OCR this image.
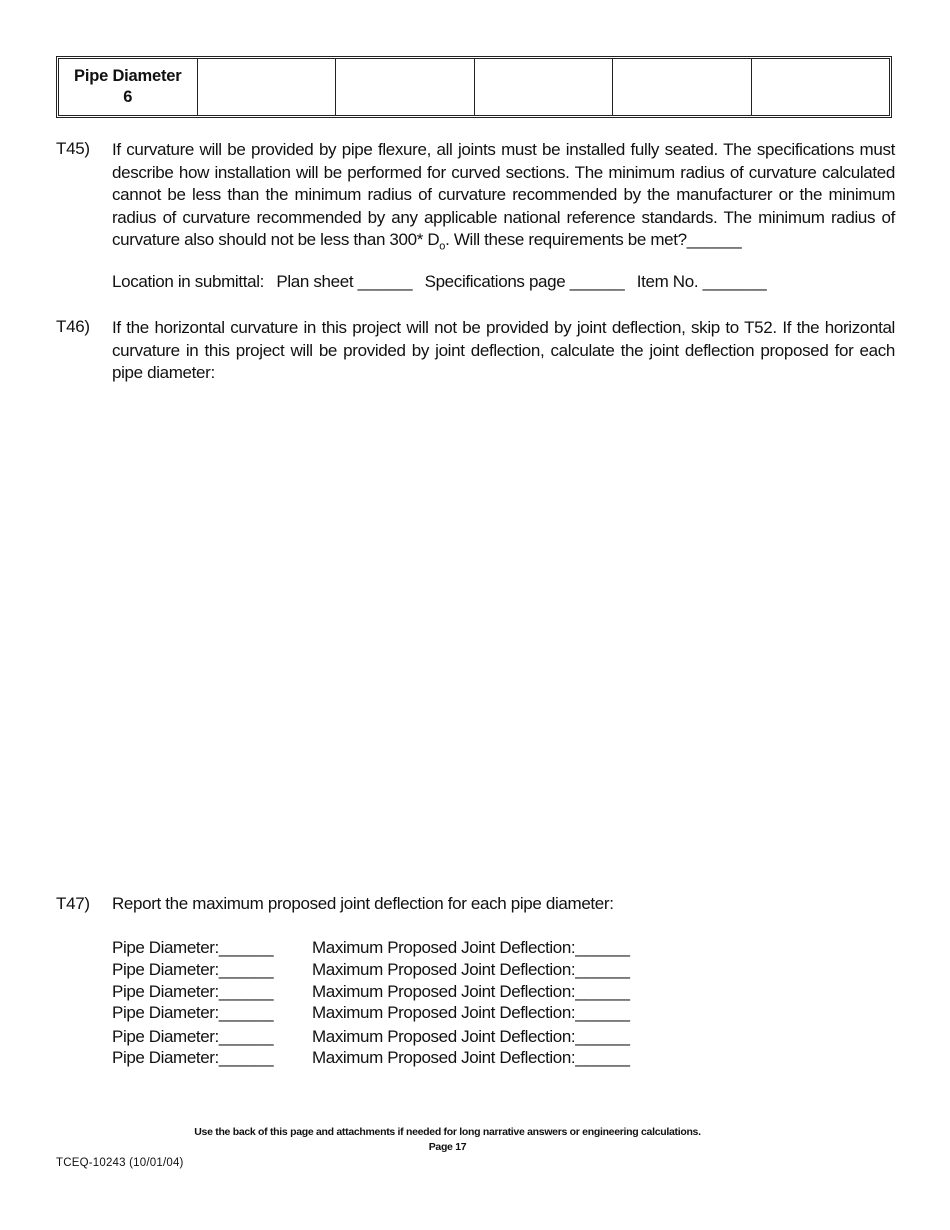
Pipe Diameter
6
T45) If curvature will be provided by pipe flexure, all joints must be installed fully seated. The specifications must describe how installation will be performed for curved sections. The minimum radius of curvature calculated cannot be less than the minimum radius of curvature recommended by the manufacturer or the minimum radius of curvature recommended by any applicable national reference standards. The minimum radius of curvature also should not be less than 300* $D_o$. Will these requirements be met?______
Location in submittal: Plan sheet ______ Specifications page ______ Item No. _______
T46) If the horizontal curvature in this project will not be provided by joint deflection, skip to T52. If the horizontal curvature in this project will be provided by joint deflection, calculate the joint deflection proposed for each pipe diameter:
T47) Report the maximum proposed joint deflection for each pipe diameter:
Pipe Diameter:______ Maximum Proposed Joint Deflection:______
Pipe Diameter:______ Maximum Proposed Joint Deflection:______
Pipe Diameter:______ Maximum Proposed Joint Deflection:______
Pipe Diameter:______ Maximum Proposed Joint Deflection:______
Pipe Diameter:______ Maximum Proposed Joint Deflection:______
Pipe Diameter:______ Maximum Proposed Joint Deflection:______
Use the back of this page and attachments if needed for long narrative answers or engineering calculations.
Page 17
TCEQ-10243 (10/01/04)
